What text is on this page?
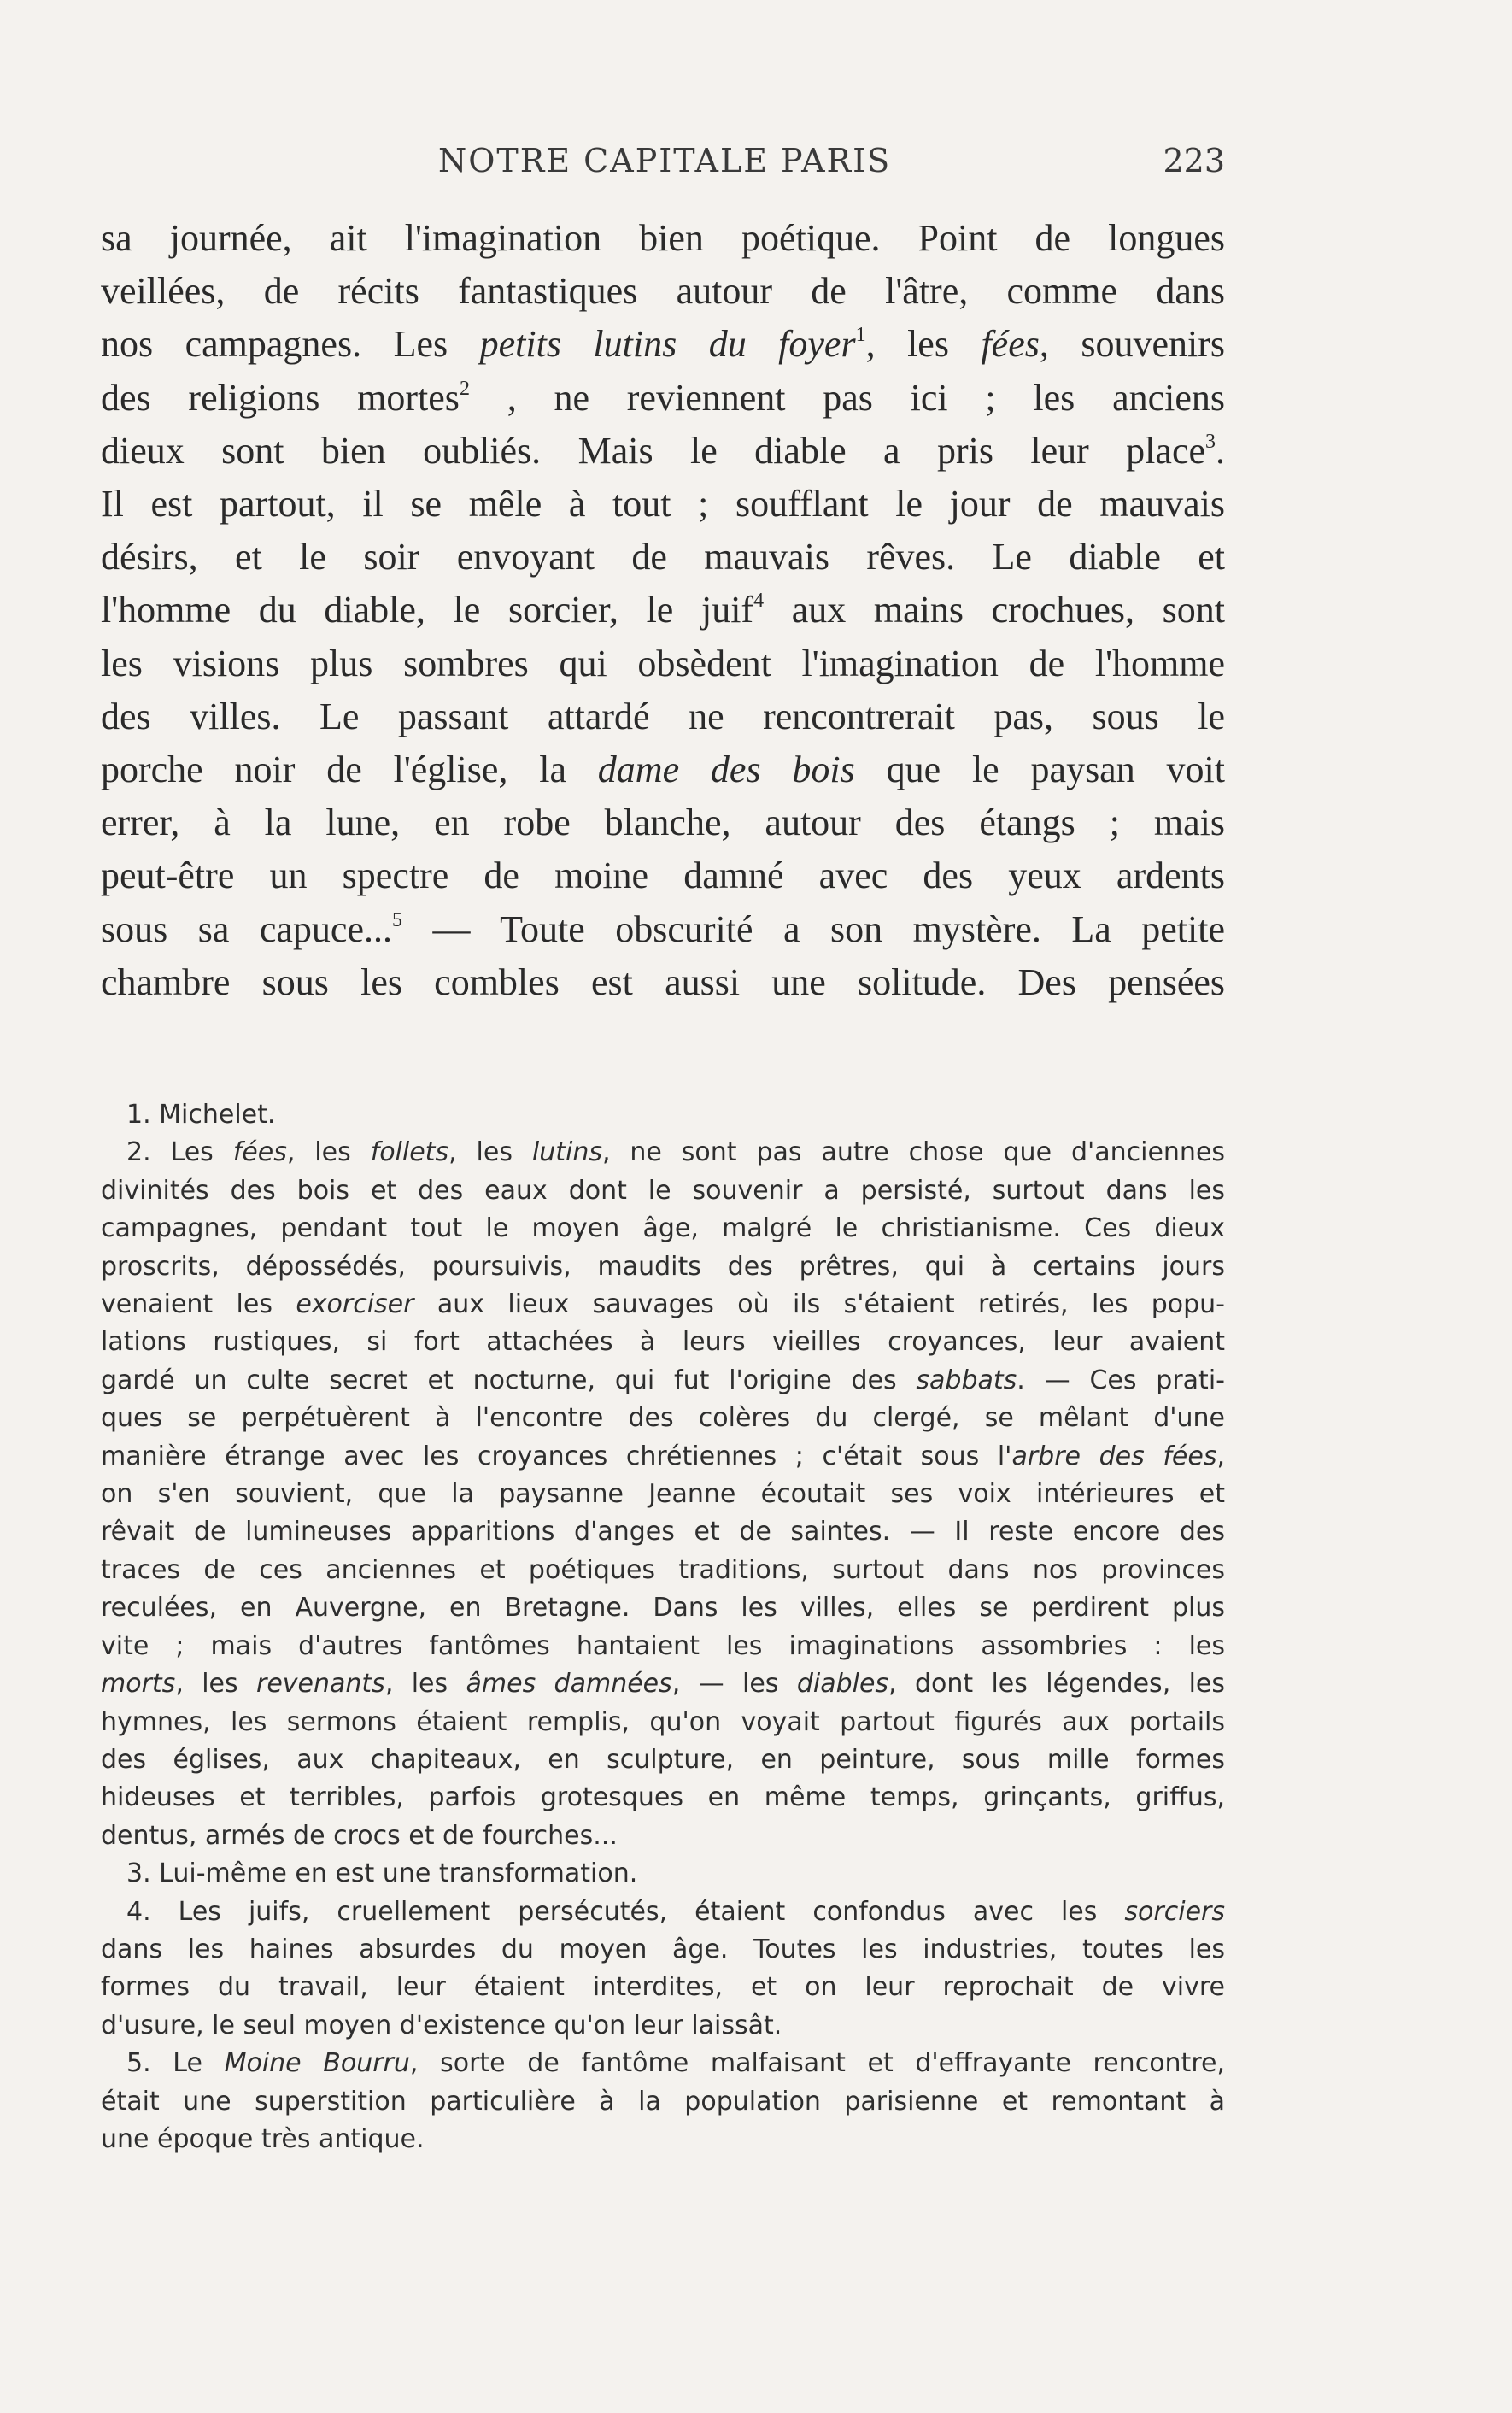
NOTRE CAPITALE PARIS	223
sa journée, ait l'imagination bien poétique. Point de longues
veillées, de récits fantastiques autour de l'âtre, comme dans
nos campagnes. Les petits lutins du foyer$^1$, les fées, souvenirs
des religions mortes$^2$ , ne reviennent pas ici ; les anciens
dieux sont bien oubliés. Mais le diable a pris leur place$^3$.
Il est partout, il se mêle à tout ; soufflant le jour de mauvais
désirs, et le soir envoyant de mauvais rêves. Le diable et
l'homme du diable, le sorcier, le juif$^4$ aux mains crochues, sont
les visions plus sombres qui obsèdent l'imagination de l'homme
des villes. Le passant attardé ne rencontrerait pas, sous le
porche noir de l'église, la dame des bois que le paysan voit
errer, à la lune, en robe blanche, autour des étangs ; mais
peut-être un spectre de moine damné avec des yeux ardents
sous sa capuce...$^5$ — Toute obscurité a son mystère. La petite
chambre sous les combles est aussi une solitude. Des pensées
1. Michelet.
2. Les fées, les follets, les lutins, ne sont pas autre chose que d'anciennes
divinités des bois et des eaux dont le souvenir a persisté, surtout dans les
campagnes, pendant tout le moyen âge, malgré le christianisme. Ces dieux
proscrits, dépossédés, poursuivis, maudits des prêtres, qui à certains jours
venaient les exorciser aux lieux sauvages où ils s'étaient retirés, les popu-
lations rustiques, si fort attachées à leurs vieilles croyances, leur avaient
gardé un culte secret et nocturne, qui fut l'origine des sabbats. — Ces prati-
ques se perpétuèrent à l'encontre des colères du clergé, se mêlant d'une
manière étrange avec les croyances chrétiennes ; c'était sous l'arbre des fées,
on s'en souvient, que la paysanne Jeanne écoutait ses voix intérieures et
rêvait de lumineuses apparitions d'anges et de saintes. — Il reste encore des
traces de ces anciennes et poétiques traditions, surtout dans nos provinces
reculées, en Auvergne, en Bretagne. Dans les villes, elles se perdirent plus
vite ; mais d'autres fantômes hantaient les imaginations assombries : les
morts, les revenants, les âmes damnées, — les diables, dont les légendes, les
hymnes, les sermons étaient remplis, qu'on voyait partout figurés aux portails
des églises, aux chapiteaux, en sculpture, en peinture, sous mille formes
hideuses et terribles, parfois grotesques en même temps, grinçants, griffus,
dentus, armés de crocs et de fourches...
3. Lui-même en est une transformation.
4. Les juifs, cruellement persécutés, étaient confondus avec les sorciers
dans les haines absurdes du moyen âge. Toutes les industries, toutes les
formes du travail, leur étaient interdites, et on leur reprochait de vivre
d'usure, le seul moyen d'existence qu'on leur laissât.
5. Le Moine Bourru, sorte de fantôme malfaisant et d'effrayante rencontre,
était une superstition particulière à la population parisienne et remontant à
une époque très antique.
